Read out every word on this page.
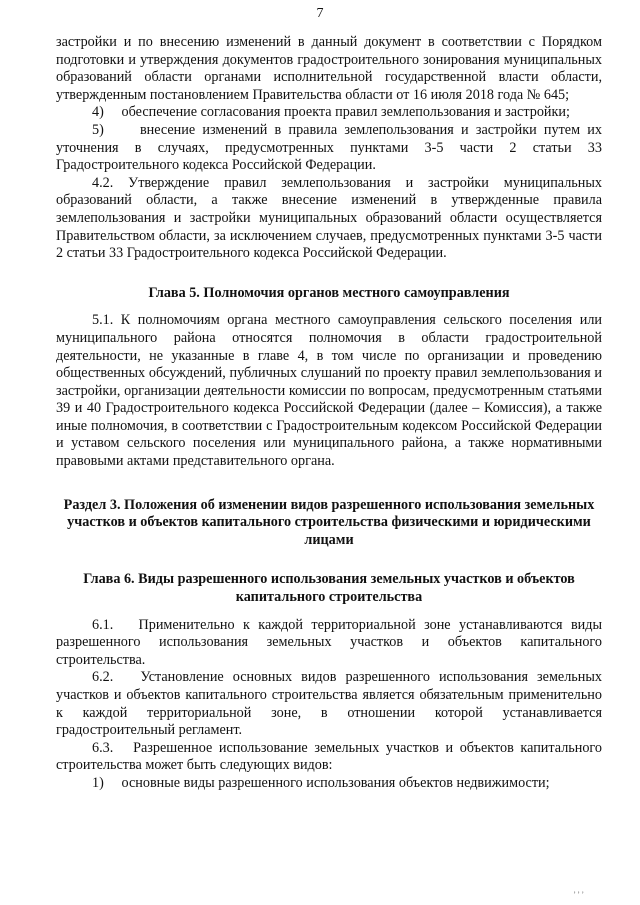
7

застройки и по внесению изменений в данный документ в соответствии с Порядком подготовки и утверждения документов градостроительного зонирования муниципальных образований области органами исполнительной государственной власти области, утвержденным постановлением Правительства области от 16 июля 2018 года № 645;

4)     обеспечение согласования проекта правил землепользования и застройки;

5)     внесение изменений в правила землепользования и застройки путем их уточнения в случаях, предусмотренных пунктами 3-5 части 2 статьи 33 Градостроительного кодекса Российской Федерации.

4.2. Утверждение правил землепользования и застройки муниципальных образований области, а также внесение изменений в утвержденные правила землепользования и застройки муниципальных образований области осуществляется Правительством области, за исключением случаев, предусмотренных пунктами 3-5 части 2 статьи 33 Градостроительного кодекса Российской Федерации.

Глава 5. Полномочия органов местного самоуправления

5.1. К полномочиям органа местного самоуправления сельского поселения или муниципального района относятся полномочия в области градостроительной деятельности, не указанные в главе 4, в том числе по организации и проведению общественных обсуждений, публичных слушаний по проекту правил землепользования и застройки, организации деятельности комиссии по вопросам, предусмотренным статьями 39 и 40 Градостроительного кодекса Российской Федерации (далее – Комиссия), а также иные полномочия, в соответствии с Градостроительным кодексом Российской Федерации и уставом сельского поселения или муниципального района, а также нормативными правовыми актами представительного органа.

Раздел 3. Положения об изменении видов разрешенного использования земельных участков и объектов капитального строительства физическими и юридическими лицами

Глава 6. Виды разрешенного использования земельных участков и объектов капитального строительства

6.1.   Применительно к каждой территориальной зоне устанавливаются виды разрешенного использования земельных участков и объектов капитального строительства.

6.2.   Установление основных видов разрешенного использования земельных участков и объектов капитального строительства является обязательным применительно к каждой территориальной зоне, в отношении которой устанавливается градостроительный регламент.

6.3.   Разрешенное использование земельных участков и объектов капитального строительства может быть следующих видов:

1)     основные виды разрешенного использования объектов недвижимости;

’’’
